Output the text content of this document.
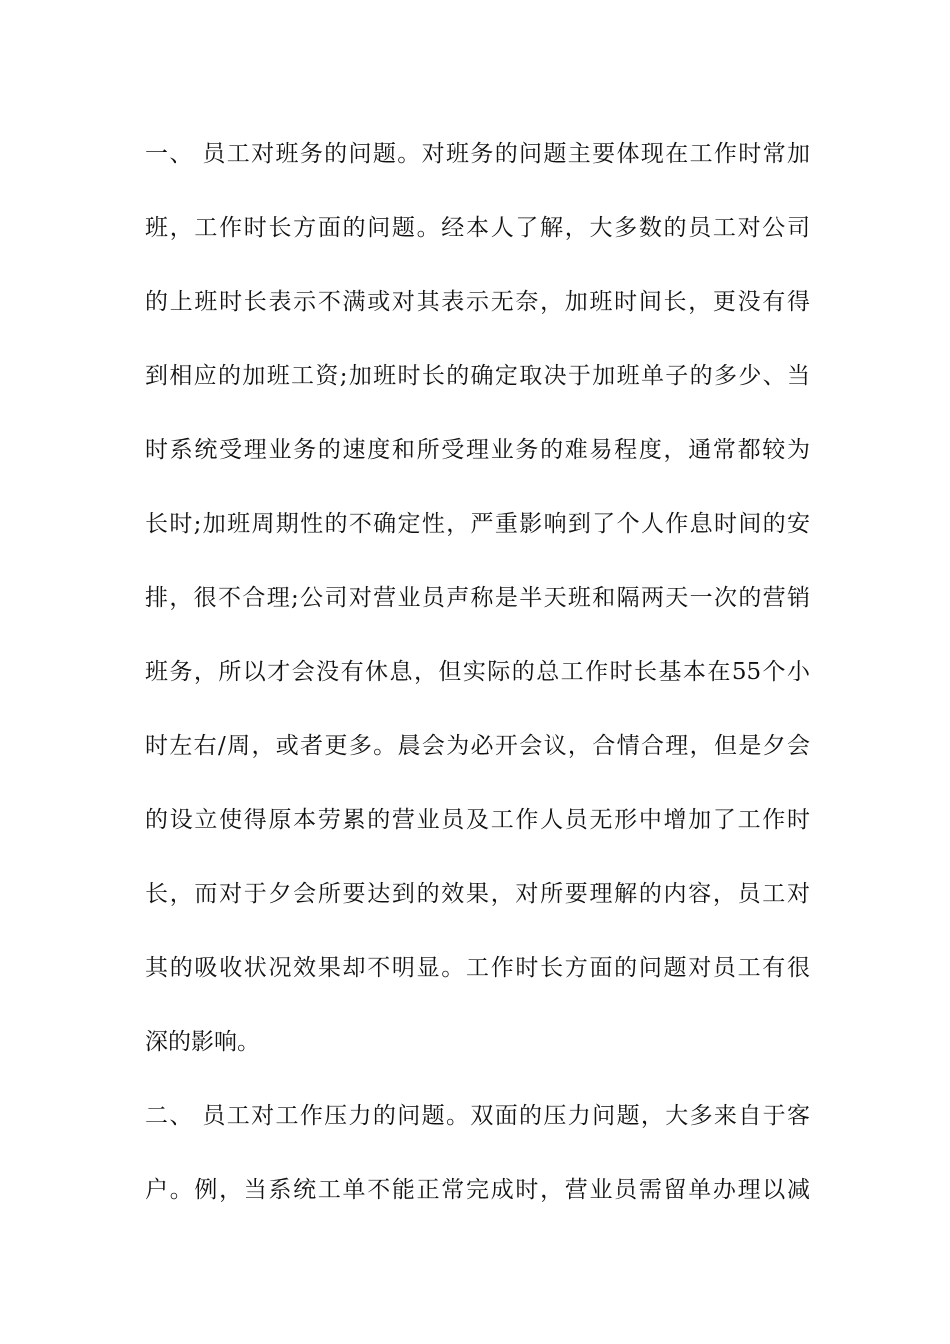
一、 员工对班务的问题。对班务的问题主要体现在工作时常加
班，工作时长方面的问题。经本人了解，大多数的员工对公司
的上班时长表示不满或对其表示无奈，加班时间长，更没有得
到相应的加班工资;加班时长的确定取决于加班单子的多少、当
时系统受理业务的速度和所受理业务的难易程度，通常都较为
长时;加班周期性的不确定性，严重影响到了个人作息时间的安
排，很不合理;公司对营业员声称是半天班和隔两天一次的营销
班务，所以才会没有休息，但实际的总工作时长基本在55个小
时左右/周，或者更多。晨会为必开会议，合情合理，但是夕会
的设立使得原本劳累的营业员及工作人员无形中增加了工作时
长，而对于夕会所要达到的效果，对所要理解的内容，员工对
其的吸收状况效果却不明显。工作时长方面的问题对员工有很
深的影响。
二、 员工对工作压力的问题。双面的压力问题，大多来自于客
户。例，当系统工单不能正常完成时，营业员需留单办理以减
